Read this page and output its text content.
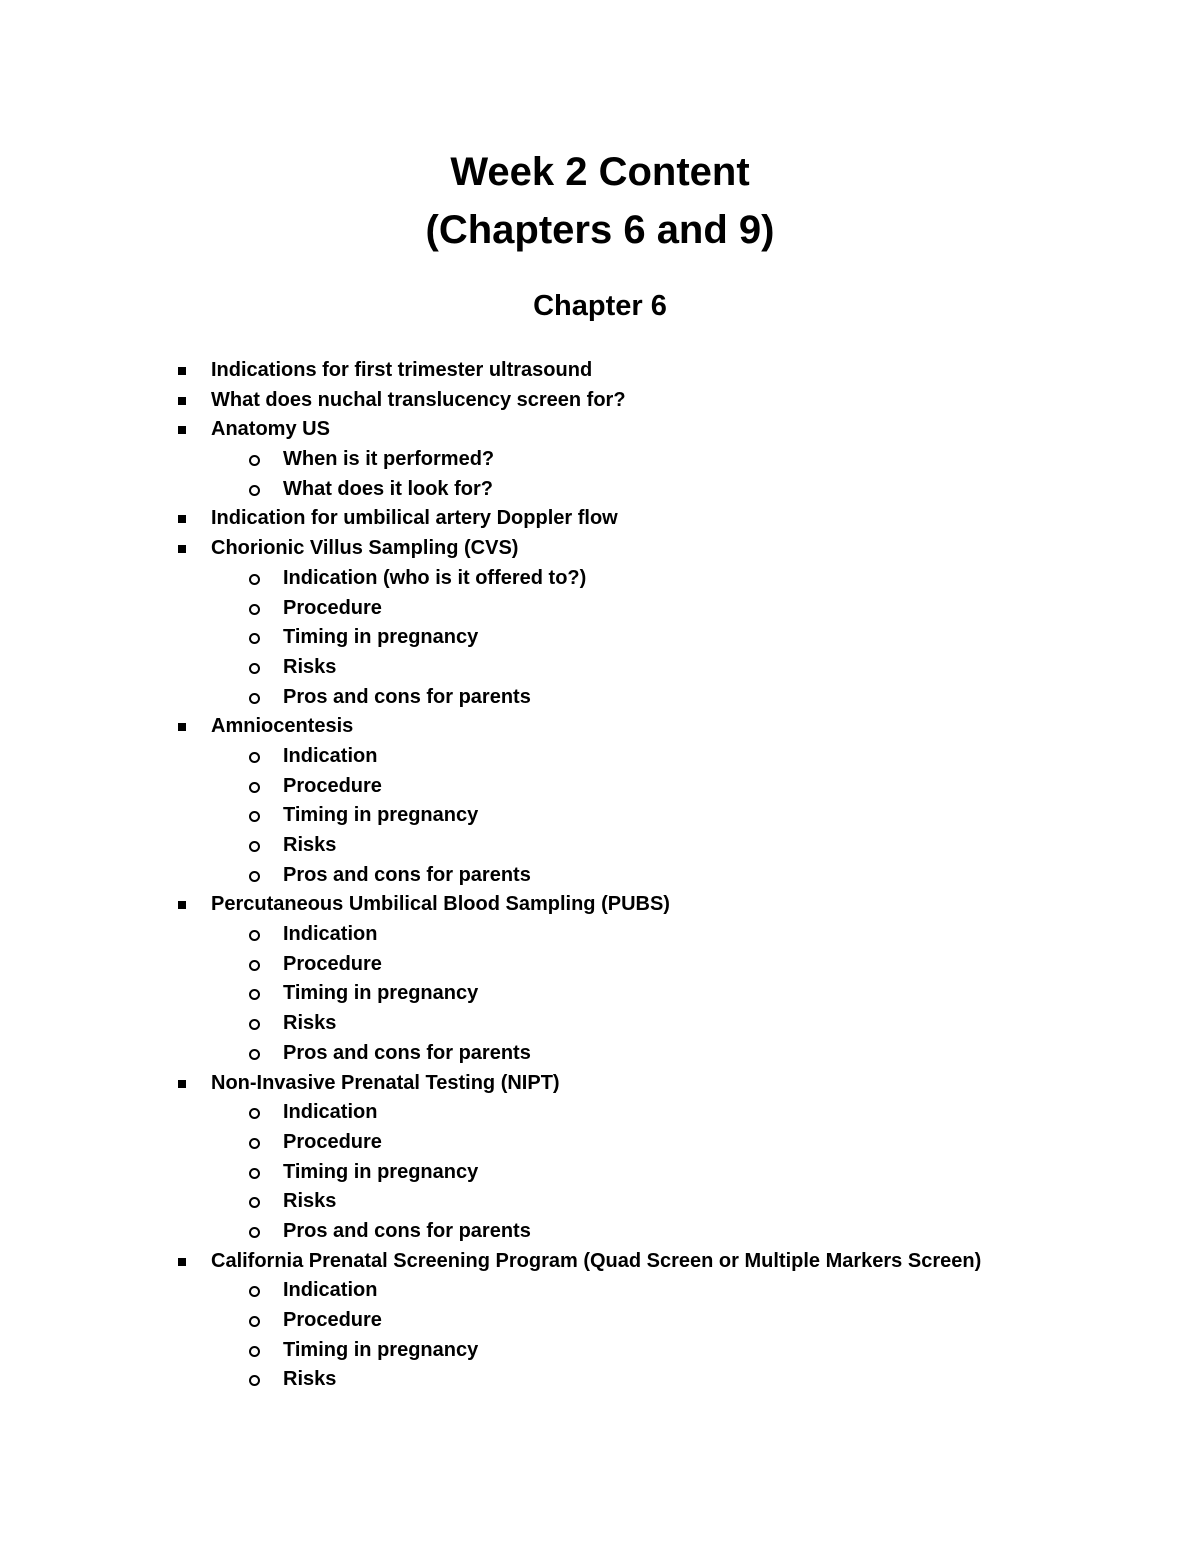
Week 2 Content
(Chapters 6 and 9)
Chapter 6
Indications for first trimester ultrasound
What does nuchal translucency screen for?
Anatomy US
When is it performed?
What does it look for?
Indication for umbilical artery Doppler flow
Chorionic Villus Sampling (CVS)
Indication (who is it offered to?)
Procedure
Timing in pregnancy
Risks
Pros and cons for parents
Amniocentesis
Indication
Procedure
Timing in pregnancy
Risks
Pros and cons for parents
Percutaneous Umbilical Blood Sampling (PUBS)
Indication
Procedure
Timing in pregnancy
Risks
Pros and cons for parents
Non-Invasive Prenatal Testing (NIPT)
Indication
Procedure
Timing in pregnancy
Risks
Pros and cons for parents
California Prenatal Screening Program (Quad Screen or Multiple Markers Screen)
Indication
Procedure
Timing in pregnancy
Risks
